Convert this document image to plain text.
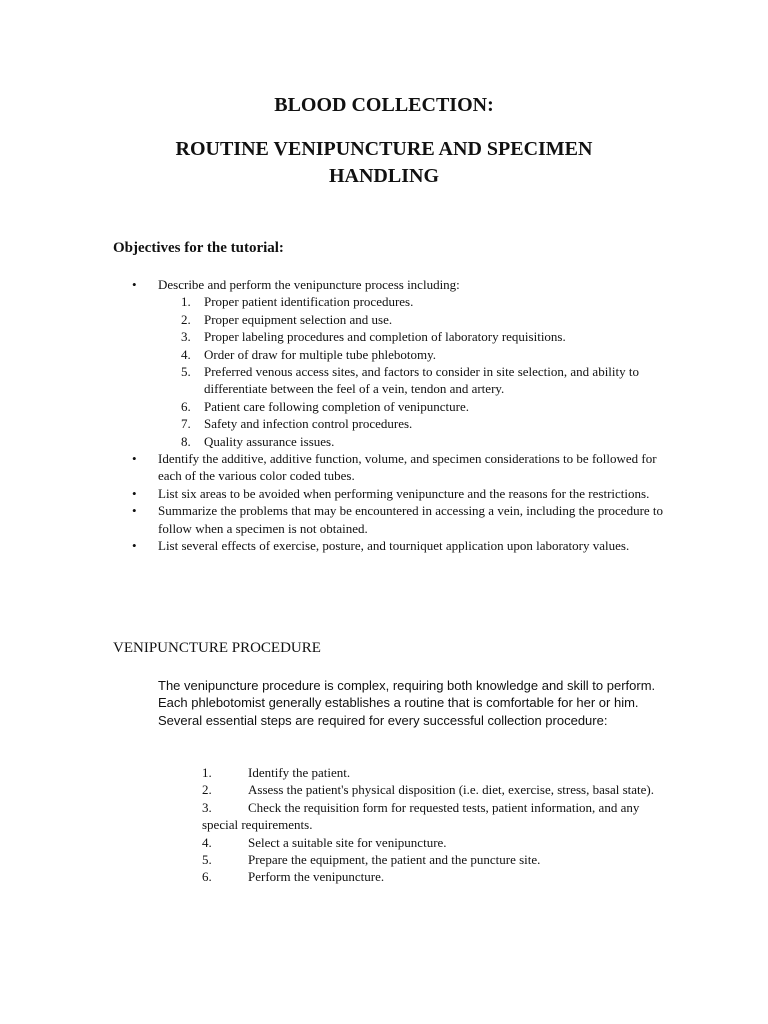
BLOOD COLLECTION:
ROUTINE VENIPUNCTURE AND SPECIMEN HANDLING
Objectives for the tutorial:
•	Describe and perform the venipuncture process including:
1. Proper patient identification procedures.
2. Proper equipment selection and use.
3. Proper labeling procedures and completion of laboratory requisitions.
4. Order of draw for multiple tube phlebotomy.
5. Preferred venous access sites, and factors to consider in site selection, and ability to differentiate between the feel of a vein, tendon and artery.
6. Patient care following completion of venipuncture.
7. Safety and infection control procedures.
8. Quality assurance issues.
•	Identify the additive, additive function, volume, and specimen considerations to be followed for each of the various color coded tubes.
•	List six areas to be avoided when performing venipuncture and the reasons for the restrictions.
•	Summarize the problems that may be encountered in accessing a vein, including the procedure to follow when a specimen is not obtained.
•	List several effects of exercise, posture, and tourniquet application upon laboratory values.
VENIPUNCTURE PROCEDURE
The venipuncture procedure is complex, requiring both knowledge and skill to perform. Each phlebotomist generally establishes a routine that is comfortable for her or him. Several essential steps are required for every successful collection procedure:
1.	Identify the patient.
2.	Assess the patient's physical disposition (i.e. diet, exercise, stress, basal state).
3.	Check the requisition form for requested tests, patient information, and any special requirements.
4.	Select a suitable site for venipuncture.
5.	Prepare the equipment, the patient and the puncture site.
6.	Perform the venipuncture.
